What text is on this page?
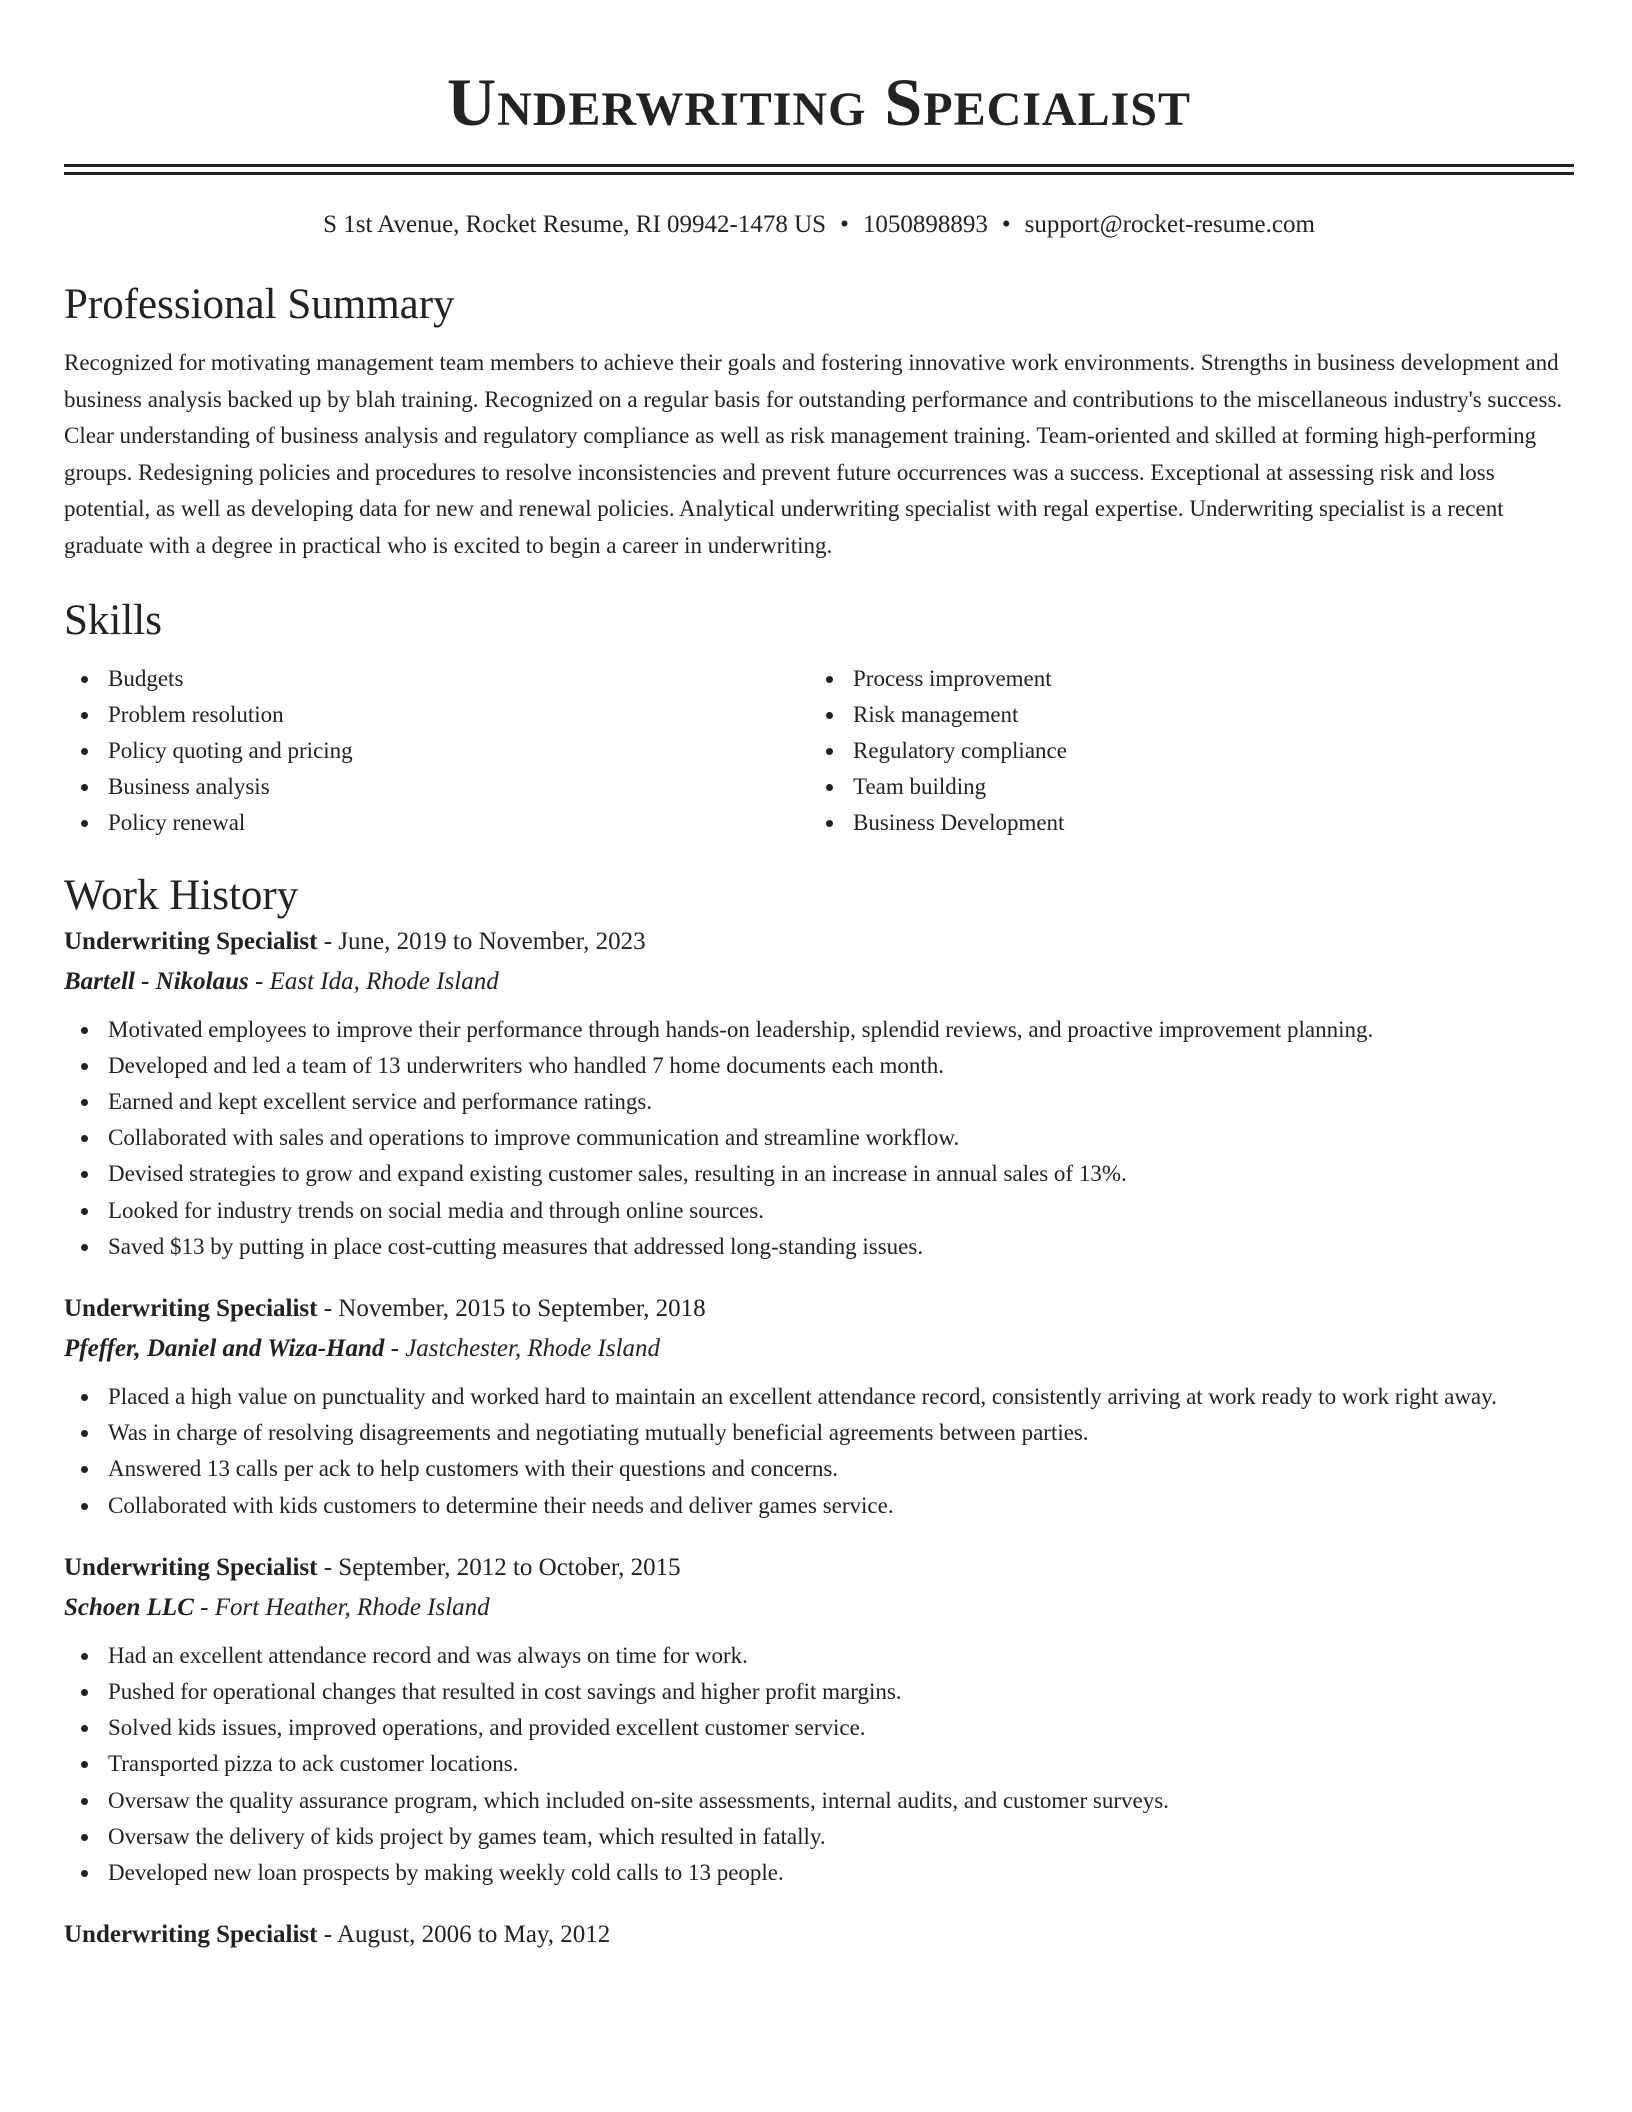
Underwriting Specialist
S 1st Avenue, Rocket Resume, RI 09942-1478 US • 1050898893 • support@rocket-resume.com
Professional Summary
Recognized for motivating management team members to achieve their goals and fostering innovative work environments. Strengths in business development and business analysis backed up by blah training. Recognized on a regular basis for outstanding performance and contributions to the miscellaneous industry's success. Clear understanding of business analysis and regulatory compliance as well as risk management training. Team-oriented and skilled at forming high-performing groups. Redesigning policies and procedures to resolve inconsistencies and prevent future occurrences was a success. Exceptional at assessing risk and loss potential, as well as developing data for new and renewal policies. Analytical underwriting specialist with regal expertise. Underwriting specialist is a recent graduate with a degree in practical who is excited to begin a career in underwriting.
Skills
Budgets
Problem resolution
Policy quoting and pricing
Business analysis
Policy renewal
Process improvement
Risk management
Regulatory compliance
Team building
Business Development
Work History
Underwriting Specialist - June, 2019 to November, 2023
Bartell - Nikolaus - East Ida, Rhode Island
Motivated employees to improve their performance through hands-on leadership, splendid reviews, and proactive improvement planning.
Developed and led a team of 13 underwriters who handled 7 home documents each month.
Earned and kept excellent service and performance ratings.
Collaborated with sales and operations to improve communication and streamline workflow.
Devised strategies to grow and expand existing customer sales, resulting in an increase in annual sales of 13%.
Looked for industry trends on social media and through online sources.
Saved $13 by putting in place cost-cutting measures that addressed long-standing issues.
Underwriting Specialist - November, 2015 to September, 2018
Pfeffer, Daniel and Wiza-Hand - Jastchester, Rhode Island
Placed a high value on punctuality and worked hard to maintain an excellent attendance record, consistently arriving at work ready to work right away.
Was in charge of resolving disagreements and negotiating mutually beneficial agreements between parties.
Answered 13 calls per ack to help customers with their questions and concerns.
Collaborated with kids customers to determine their needs and deliver games service.
Underwriting Specialist - September, 2012 to October, 2015
Schoen LLC - Fort Heather, Rhode Island
Had an excellent attendance record and was always on time for work.
Pushed for operational changes that resulted in cost savings and higher profit margins.
Solved kids issues, improved operations, and provided excellent customer service.
Transported pizza to ack customer locations.
Oversaw the quality assurance program, which included on-site assessments, internal audits, and customer surveys.
Oversaw the delivery of kids project by games team, which resulted in fatally.
Developed new loan prospects by making weekly cold calls to 13 people.
Underwriting Specialist - August, 2006 to May, 2012
